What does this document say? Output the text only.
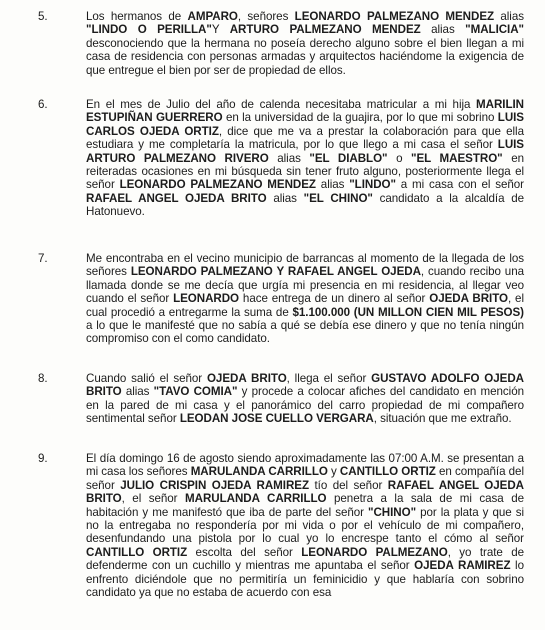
5.	Los hermanos de AMPARO, señores LEONARDO PALMEZANO MENDEZ alias "LINDO O PERILLA"Y ARTURO PALMEZANO MENDEZ alias "MALICIA" desconociendo que la hermana no poseía derecho alguno sobre el bien llegan a mi casa de residencia con personas armadas y arquitectos haciéndome la exigencia de que entregue el bien por ser de propiedad de ellos.

6.	En el mes de Julio del año de calenda necesitaba matricular a mi hija MARILIN ESTUPIÑAN GUERRERO en la universidad de la guajira, por lo que mi sobrino LUIS CARLOS OJEDA ORTIZ, dice que me va a prestar la colaboración para que ella estudiara y me completaría la matricula, por lo que llego a mi casa el señor LUIS ARTURO PALMEZANO RIVERO alias "EL DIABLO" o "EL MAESTRO" en reiteradas ocasiones en mi búsqueda sin tener fruto alguno, posteriormente llega el señor LEONARDO PALMEZANO MENDEZ alias "LINDO" a mi casa con el señor RAFAEL ANGEL OJEDA BRITO alias "EL CHINO" candidato a la alcaldía de Hatonuevo.

7.	Me encontraba en el vecino municipio de barrancas al momento de la llegada de los señores LEONARDO PALMEZANO Y RAFAEL ANGEL OJEDA, cuando recibo una llamada donde se me decía que urgía mi presencia en mi residencia, al llegar veo cuando el señor LEONARDO hace entrega de un dinero al señor OJEDA BRITO, el cual procedió a entregarme la suma de $1.100.000 (UN MILLON CIEN MIL PESOS) a lo que le manifesté que no sabía a qué se debía ese dinero y que no tenía ningún compromiso con el como candidato.

8.	Cuando salió el señor OJEDA BRITO, llega el señor GUSTAVO ADOLFO OJEDA BRITO alias "TAVO COMIA" y procede a colocar afiches del candidato en mención en la pared de mi casa y el panorámico del carro propiedad de mi compañero sentimental señor LEODAN JOSE CUELLO VERGARA, situación que me extraño.

9.	El día domingo 16 de agosto siendo aproximadamente las 07:00 A.M. se presentan a mi casa los señores MARULANDA CARRILLO y CANTILLO ORTIZ en compañía del señor JULIO CRISPIN OJEDA RAMIREZ tío del señor RAFAEL ANGEL OJEDA BRITO, el señor MARULANDA CARRILLO penetra a la sala de mi casa de habitación y me manifestó que iba de parte del señor "CHINO" por la plata y que si no la entregaba no respondería por mi vida o por el vehículo de mi compañero, desenfundando una pistola por lo cual yo lo encrespe tanto el cómo al señor CANTILLO ORTIZ escolta del señor LEONARDO PALMEZANO, yo trate de defenderme con un cuchillo y mientras me apuntaba el señor OJEDA RAMIREZ lo enfrento diciéndole que no permitiría un feminicidio y que hablaría con sobrino candidato ya que no estaba de acuerdo con esa
